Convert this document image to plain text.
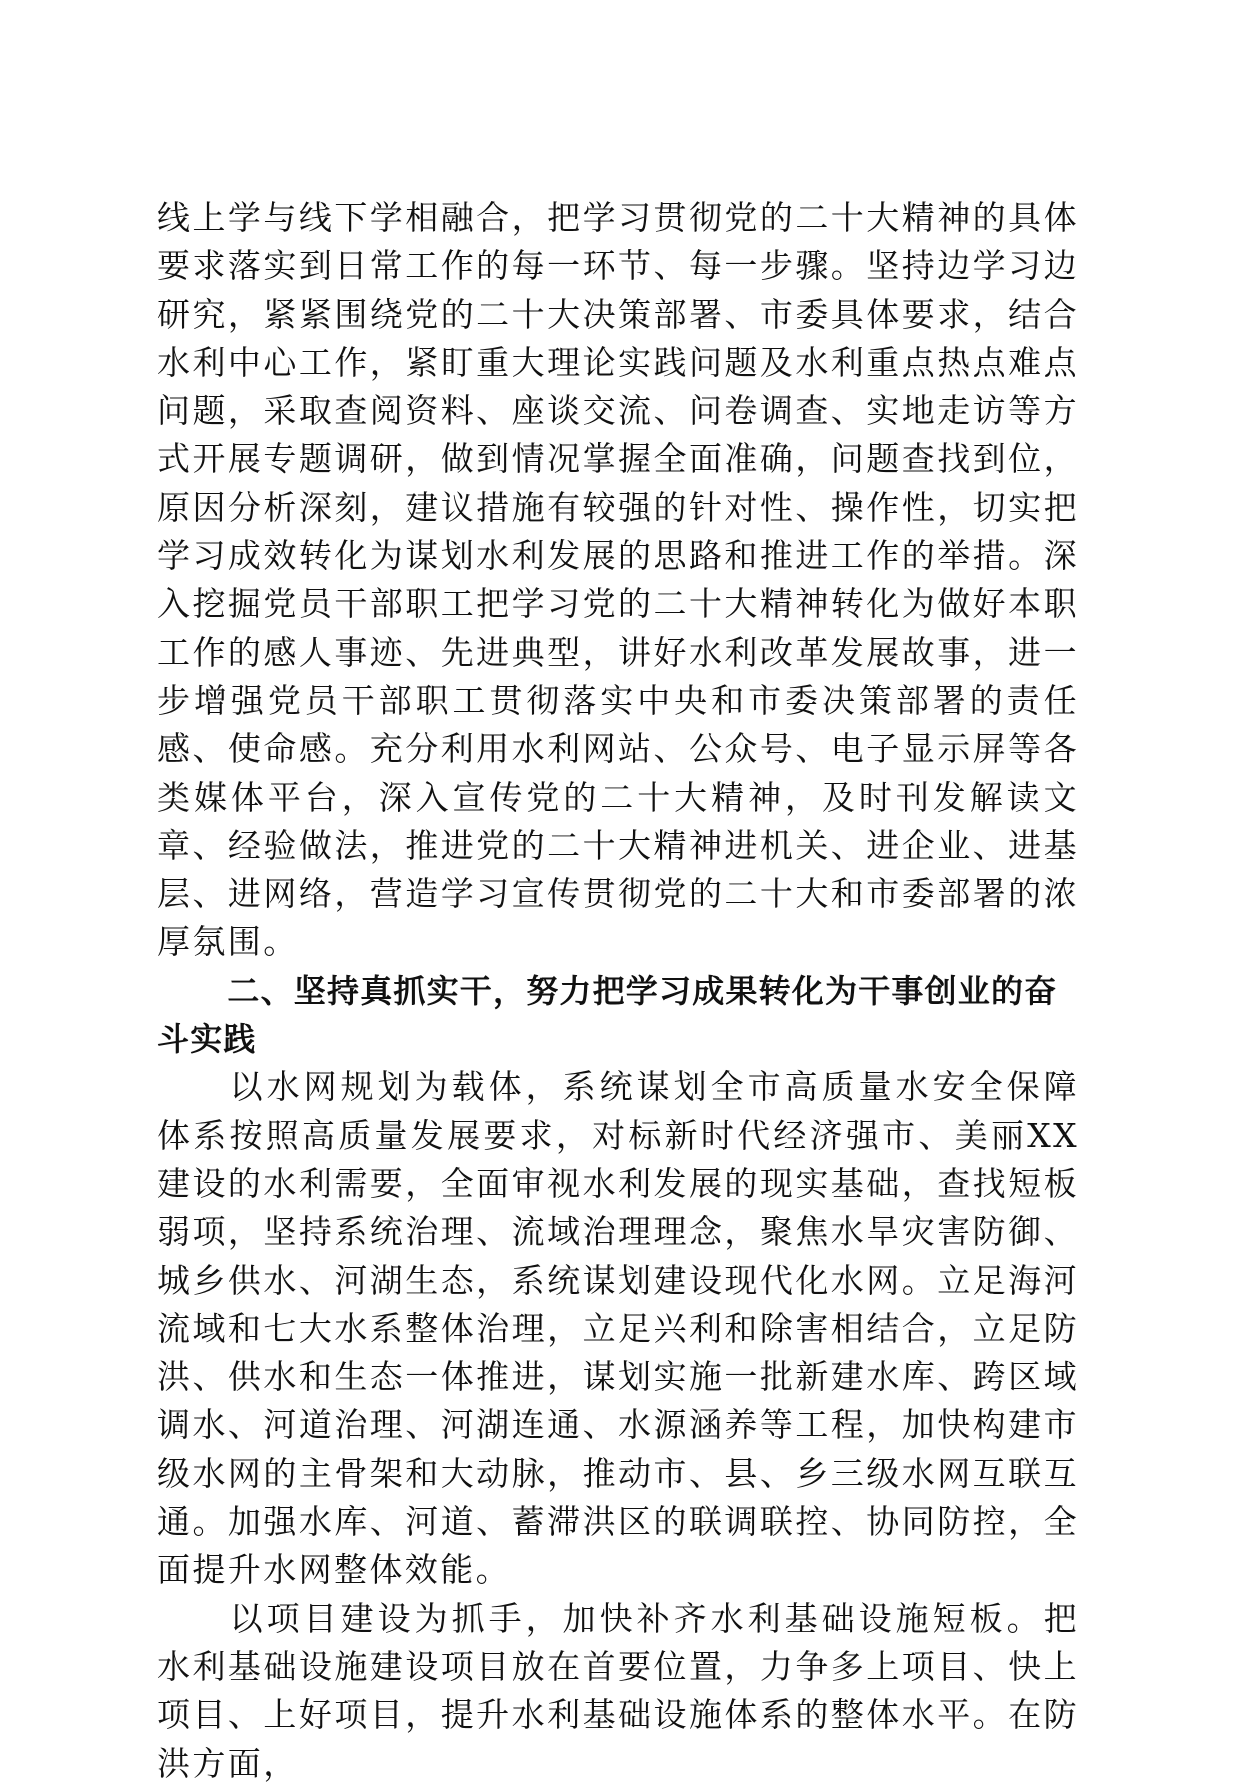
线上学与线下学相融合，把学习贯彻党的二十大精神的具体要求落实到日常工作的每一环节、每一步骤。坚持边学习边研究，紧紧围绕党的二十大决策部署、市委具体要求，结合水利中心工作，紧盯重大理论实践问题及水利重点热点难点问题，采取查阅资料、座谈交流、问卷调查、实地走访等方式开展专题调研，做到情况掌握全面准确，问题查找到位，原因分析深刻，建议措施有较强的针对性、操作性，切实把学习成效转化为谋划水利发展的思路和推进工作的举措。深入挖掘党员干部职工把学习党的二十大精神转化为做好本职工作的感人事迹、先进典型，讲好水利改革发展故事，进一步增强党员干部职工贯彻落实中央和市委决策部署的责任感、使命感。充分利用水利网站、公众号、电子显示屏等各类媒体平台，深入宣传党的二十大精神，及时刊发解读文章、经验做法，推进党的二十大精神进机关、进企业、进基层、进网络，营造学习宣传贯彻党的二十大和市委部署的浓厚氛围。

二、坚持真抓实干，努力把学习成果转化为干事创业的奋斗实践

以水网规划为载体，系统谋划全市高质量水安全保障体系按照高质量发展要求，对标新时代经济强市、美丽XX建设的水利需要，全面审视水利发展的现实基础，查找短板弱项，坚持系统治理、流域治理理念，聚焦水旱灾害防御、城乡供水、河湖生态，系统谋划建设现代化水网。立足海河流域和七大水系整体治理，立足兴利和除害相结合，立足防洪、供水和生态一体推进，谋划实施一批新建水库、跨区域调水、河道治理、河湖连通、水源涵养等工程，加快构建市级水网的主骨架和大动脉，推动市、县、乡三级水网互联互通。加强水库、河道、蓄滞洪区的联调联控、协同防控，全面提升水网整体效能。

以项目建设为抓手，加快补齐水利基础设施短板。把水利基础设施建设项目放在首要位置，力争多上项目、快上项目、上好项目，提升水利基础设施体系的整体水平。在防洪方面，
